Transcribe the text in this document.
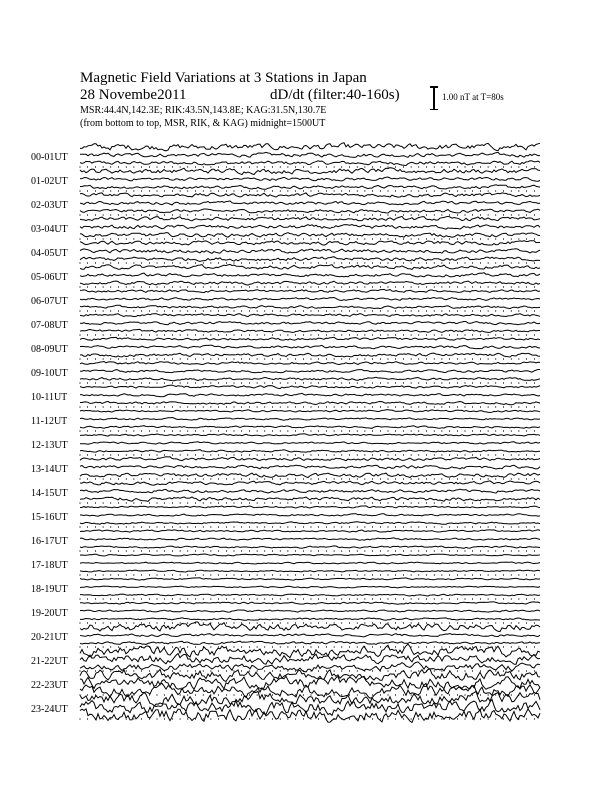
Magnetic Field Variations at 3 Stations in Japan
28 Novembe2011	dD/dt (filter:40-160s)
MSR:44.4N,142.3E; RIK:43.5N,143.8E; KAG:31.5N,130.7E
(from bottom to top, MSR, RIK, & KAG) midnight=1500UT
1.00 nT at T=80s
00-01UT
01-02UT
02-03UT
03-04UT
04-05UT
05-06UT
06-07UT
07-08UT
08-09UT
09-10UT
10-11UT
11-12UT
12-13UT
13-14UT
14-15UT
15-16UT
16-17UT
17-18UT
18-19UT
19-20UT
20-21UT
21-22UT
22-23UT
23-24UT
